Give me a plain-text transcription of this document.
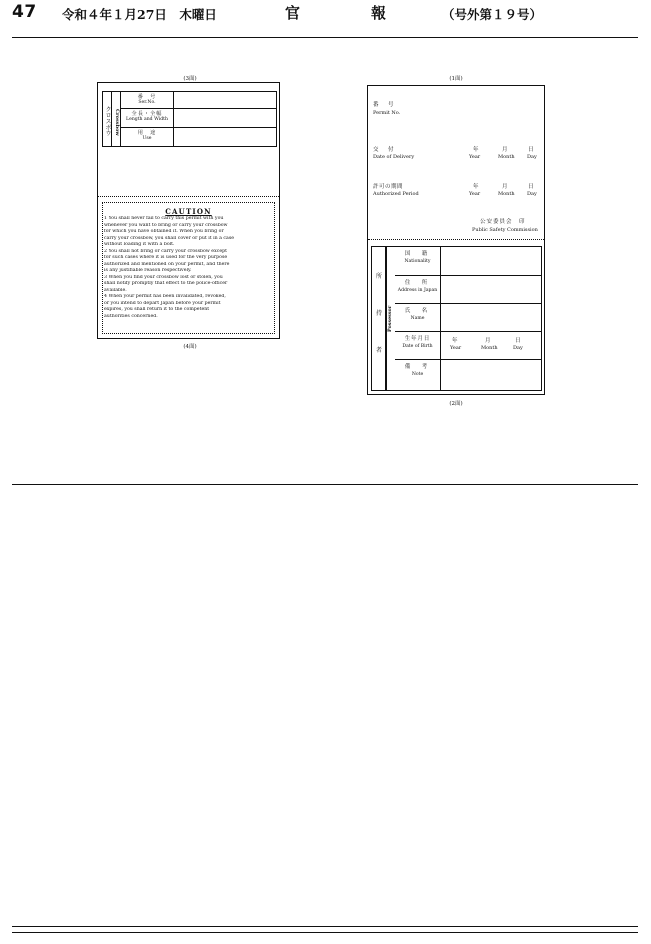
47 令和４年１月27日　木曜日	官　報 （号外第１９号）
(3面)
(4面)
(1面)
(2面)
クロスボウ Crossbow
番　号
Ser.No.
全長・全幅
Length and Width
用　途
Use
CAUTION
1 You shall never fail to carry this permit with you
whenever you want to bring or carry your crossbow
for which you have obtained it. When you bring or
carry your crossbow, you shall cover or put it in a case
without loading it with a bolt.
2 You shall not bring or carry your crossbow except
for such cases where it is used for the very purpose
authorized and mentioned on your permit, and there
is any justifiable reason respectively.
3 When you find your crossbow lost or stolen, you
shall notify promptly that effect to the police-officer
available.
4 When your permit has been invalidated, revoked,
or you intend to depart Japan before your permit
expires, you shall return it to the competent
authorities concerned.
番　号
Permit No.
交　付
Date of Delivery
年	月	日
Year	Month Day
許可の期間
Authorized Period
年	月	日
Year	Month Day
公安委員会　印
Public Safety Commission
所
持
者
Possessor
国　籍
Nationality
住　所
Address in Japan
氏　名
Name
生年月日
Date of Birth
年	月	日
Year	Month	Day
備　考
Note
